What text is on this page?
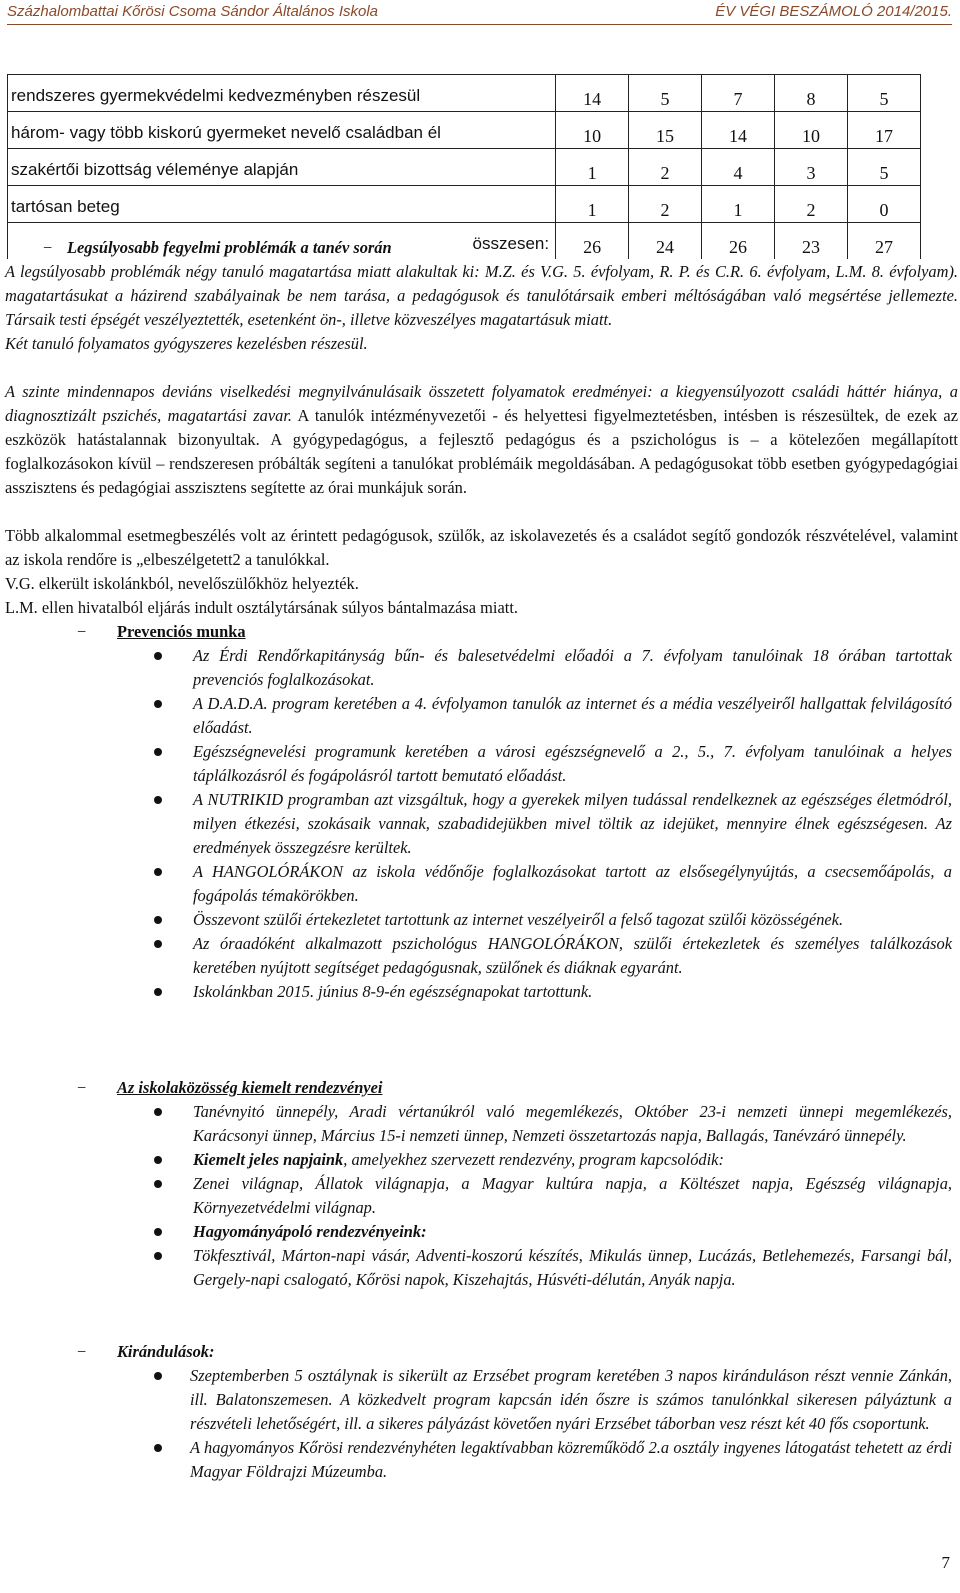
Százhalombattai Kőrösi Csoma Sándor Általános Iskola	ÉV VÉGI BESZÁMOLÓ 2014/2015.
rendszeres gyermekvédelmi kedvezményben részesül	14	5	7	8	5
három- vagy több kiskorú gyermeket nevelő családban él	10	15	14	10	17
szakértői bizottság véleménye alapján	1	2	4	3	5
tartósan beteg	1	2	1	2	0
összesen:	26	24	26	23	27

− Legsúlyosabb fegyelmi problémák a tanév során

A legsúlyosabb problémák négy tanuló magatartása miatt alakultak ki: M.Z. és V.G. 5. évfolyam, R. P. és C.R. 6. évfolyam, L.M. 8. évfolyam). magatartásukat a házirend szabályainak be nem tarása, a pedagógusok és tanulótársaik emberi méltóságában való megsértése jellemezte. Társaik testi épségét veszélyeztették, esetenként ön-, illetve közveszélyes magatartásuk miatt.

Két tanuló folyamatos gyógyszeres kezelésben részesül.

A szinte mindennapos deviáns viselkedési megnyilvánulásaik összetett folyamatok eredményei: a kiegyensúlyozott családi háttér hiánya, a diagnosztizált pszichés, magatartási zavar. A tanulók intézményvezetői - és helyettesi figyelmeztetésben, intésben is részesültek, de ezek az eszközök hatástalannak bizonyultak. A gyógypedagógus, a fejlesztő pedagógus és a pszichológus is – a kötelezően megállapított foglalkozásokon kívül – rendszeresen próbálták segíteni a tanulókat problémáik megoldásában. A pedagógusokat több esetben gyógypedagógiai asszisztens és pedagógiai asszisztens segítette az órai munkájuk során.

Több alkalommal esetmegbeszélés volt az érintett pedagógusok, szülők, az iskolavezetés és a családot segítő gondozók részvételével, valamint az iskola rendőre is „elbeszélgetett2 a tanulókkal.

V.G. elkerült iskolánkból, nevelőszülőkhöz helyezték.

L.M. ellen hivatalból eljárás indult osztálytársának súlyos bántalmazása miatt.

− Prevenciós munka
Az Érdi Rendőrkapitányság bűn- és balesetvédelmi előadói a 7. évfolyam tanulóinak 18 órában tartottak prevenciós foglalkozásokat.
A D.A.D.A. program keretében a 4. évfolyamon tanulók az internet és a média veszélyeiről hallgattak felvilágosító előadást.
Egészségnevelési programunk keretében a városi egészségnevelő a 2., 5., 7. évfolyam tanulóinak a helyes táplálkozásról és fogápolásról tartott bemutató előadást.
A NUTRIKID programban azt vizsgáltuk, hogy a gyerekek milyen tudással rendelkeznek az egészséges életmódról, milyen étkezési, szokásaik vannak, szabadidejükben mivel töltik az idejüket, mennyire élnek egészségesen. Az eredmények összegzésre kerültek.
A HANGOLÓRÁKON az iskola védőnője foglalkozásokat tartott az elsősegélynyújtás, a csecsemőápolás, a fogápolás témakörökben.
Összevont szülői értekezletet tartottunk az internet veszélyeiről a felső tagozat szülői közösségének.
Az óraadóként alkalmazott pszichológus HANGOLÓRÁKON, szülői értekezletek és személyes találkozások keretében nyújtott segítséget pedagógusnak, szülőnek és diáknak egyaránt.
Iskolánkban 2015. június 8-9-én egészségnapokat tartottunk.
− Az iskolaközösség kiemelt rendezvényei
Tanévnyitó ünnepély, Aradi vértanúkról való megemlékezés, Október 23-i nemzeti ünnepi megemlékezés, Karácsonyi ünnep, Március 15-i nemzeti ünnep, Nemzeti összetartozás napja, Ballagás, Tanévzáró ünnepély.
Kiemelt jeles napjaink, amelyekhez szervezett rendezvény, program kapcsolódik:
Zenei világnap, Állatok világnapja, a Magyar kultúra napja, a Költészet napja, Egészség világnapja, Környezetvédelmi világnap.
Hagyományápoló rendezvényeink:
Tökfesztivál, Márton-napi vásár, Adventi-koszorú készítés, Mikulás ünnep, Lucázás, Betlehemezés, Farsangi bál, Gergely-napi csalogató, Kőrösi napok, Kiszehajtás, Húsvéti-délután, Anyák napja.

− Kirándulások:

Szeptemberben 5 osztálynak is sikerült az Erzsébet program keretében 3 napos kiránduláson részt vennie Zánkán, ill. Balatonszemesen. A közkedvelt program kapcsán idén őszre is számos tanulónkkal sikeresen pályáztunk a részvételi lehetőségért, ill. a sikeres pályázást követően nyári Erzsébet táborban vesz részt két 40 fős csoportunk.
A hagyományos Kőrösi rendezvényhéten legaktívabban közreműködő 2.a osztály ingyenes látogatást tehetett az érdi Magyar Földrajzi Múzeumba.
7
